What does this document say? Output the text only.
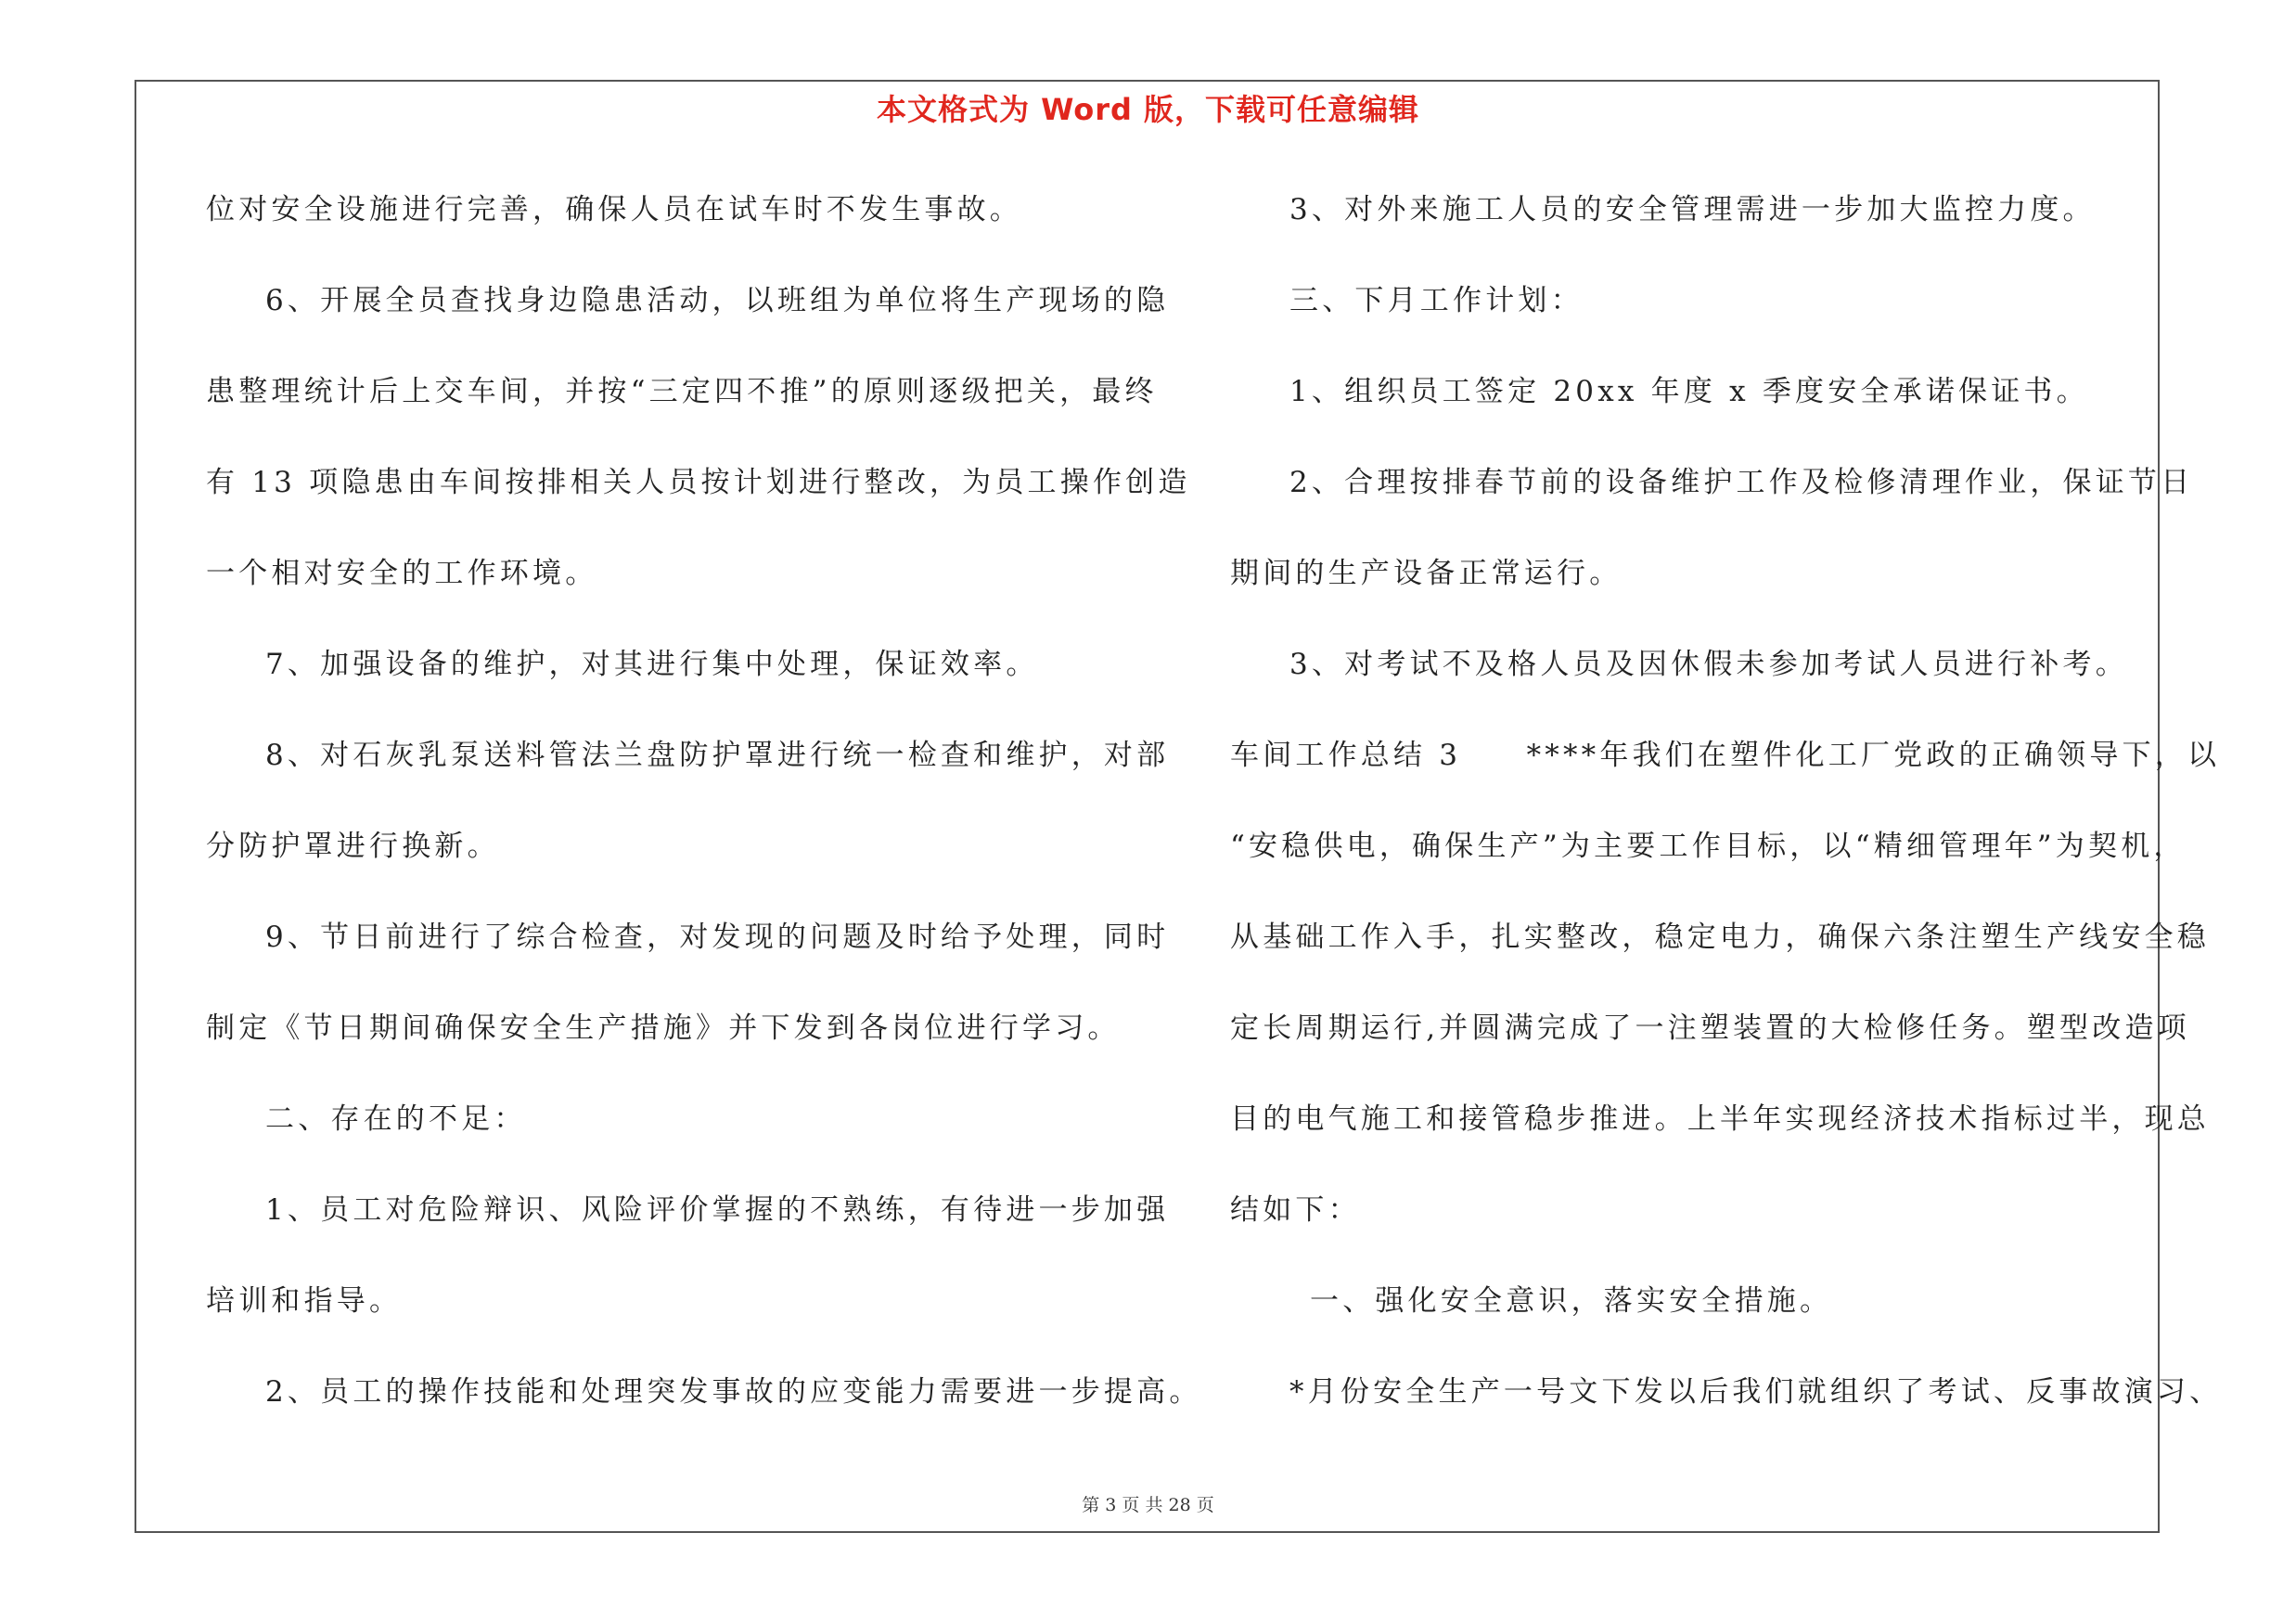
本文格式为 Word 版，下载可任意编辑
位对安全设施进行完善，确保人员在试车时不发生事故。
6、开展全员查找身边隐患活动，以班组为单位将生产现场的隐
患整理统计后上交车间，并按“三定四不推”的原则逐级把关，最终
有 13 项隐患由车间按排相关人员按计划进行整改，为员工操作创造
一个相对安全的工作环境。
7、加强设备的维护，对其进行集中处理，保证效率。
8、对石灰乳泵送料管法兰盘防护罩进行统一检查和维护，对部
分防护罩进行换新。
9、节日前进行了综合检查，对发现的问题及时给予处理，同时
制定《节日期间确保安全生产措施》并下发到各岗位进行学习。
二、存在的不足：
1、员工对危险辩识、风险评价掌握的不熟练，有待进一步加强
培训和指导。
2、员工的操作技能和处理突发事故的应变能力需要进一步提高。
3、对外来施工人员的安全管理需进一步加大监控力度。
三、下月工作计划：
1、组织员工签定 20xx 年度 x 季度安全承诺保证书。
2、合理按排春节前的设备维护工作及检修清理作业，保证节日
期间的生产设备正常运行。
3、对考试不及格人员及因休假未参加考试人员进行补考。
车间工作总结 3　　****年我们在塑件化工厂党政的正确领导下，以
“安稳供电，确保生产”为主要工作目标，以“精细管理年”为契机，
从基础工作入手，扎实整改，稳定电力，确保六条注塑生产线安全稳
定长周期运行,并圆满完成了一注塑装置的大检修任务。塑型改造项
目的电气施工和接管稳步推进。上半年实现经济技术指标过半，现总
结如下：
一、强化安全意识，落实安全措施。
*月份安全生产一号文下发以后我们就组织了考试、反事故演习、
第 3 页 共 28 页
